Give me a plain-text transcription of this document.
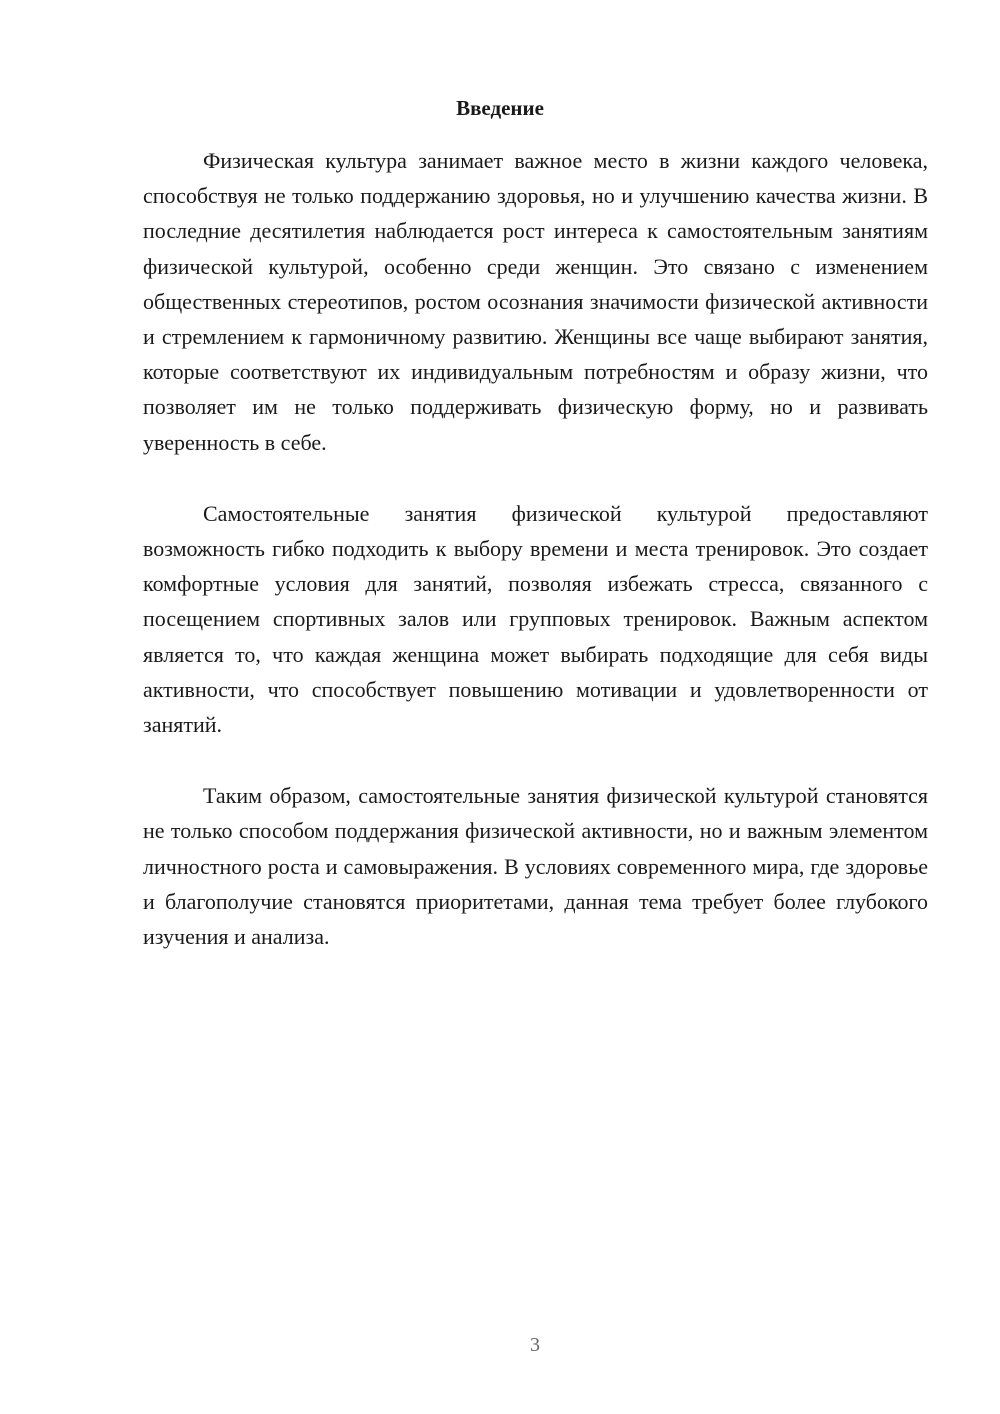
Введение

Физическая культура занимает важное место в жизни каждого человека, способствуя не только поддержанию здоровья, но и улучшению качества жизни. В последние десятилетия наблюдается рост интереса к самостоятельным занятиям физической культурой, особенно среди женщин. Это связано с изменением общественных стереотипов, ростом осознания значимости физической активности и стремлением к гармоничному развитию. Женщины все чаще выбирают занятия, которые соответствуют их индивидуальным потребностям и образу жизни, что позволяет им не только поддерживать физическую форму, но и развивать уверенность в себе.

Самостоятельные занятия физической культурой предоставляют возможность гибко подходить к выбору времени и места тренировок. Это создает комфортные условия для занятий, позволяя избежать стресса, связанного с посещением спортивных залов или групповых тренировок. Важным аспектом является то, что каждая женщина может выбирать подходящие для себя виды активности, что способствует повышению мотивации и удовлетворенности от занятий.

Таким образом, самостоятельные занятия физической культурой становятся не только способом поддержания физической активности, но и важным элементом личностного роста и самовыражения. В условиях современного мира, где здоровье и благополучие становятся приоритетами, данная тема требует более глубокого изучения и анализа.

3
